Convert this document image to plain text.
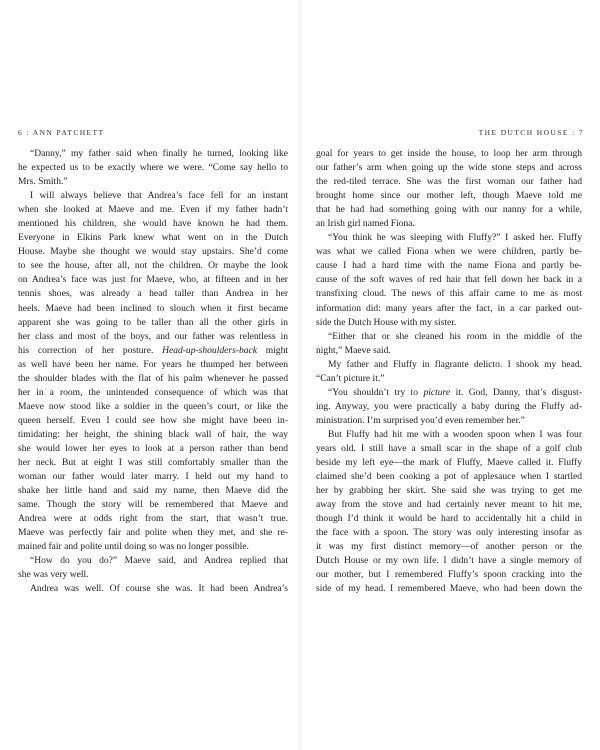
6 : ANN PATCHETT
“Danny,” my father said when finally he turned, looking like
he expected us to be exactly where we were. “Come say hello to
Mrs. Smith.”
I will always believe that Andrea’s face fell for an instant
when she looked at Maeve and me. Even if my father hadn’t
mentioned his children, she would have known he had them.
Everyone in Elkins Park knew what went on in the Dutch
House. Maybe she thought we would stay upstairs. She’d come
to see the house, after all, not the children. Or maybe the look
on Andrea’s face was just for Maeve, who, at fifteen and in her
tennis shoes, was already a head taller than Andrea in her
heels. Maeve had been inclined to slouch when it first became
apparent she was going to be taller than all the other girls in
her class and most of the boys, and our father was relentless in
his correction of her posture. Head-up-shoulders-back might
as well have been her name. For years he thumped her between
the shoulder blades with the flat of his palm whenever he passed
her in a room, the unintended consequence of which was that
Maeve now stood like a soldier in the queen’s court, or like the
queen herself. Even I could see how she might have been in-
timidating: her height, the shining black wall of hair, the way
she would lower her eyes to look at a person rather than bend
her neck. But at eight I was still comfortably smaller than the
woman our father would later marry. I held out my hand to
shake her little hand and said my name, then Maeve did the
same. Though the story will be remembered that Maeve and
Andrea were at odds right from the start, that wasn’t true.
Maeve was perfectly fair and polite when they met, and she re-
mained fair and polite until doing so was no longer possible.
“How do you do?” Maeve said, and Andrea replied that
she was very well.
Andrea was well. Of course she was. It had been Andrea’s
THE DUTCH HOUSE : 7
goal for years to get inside the house, to loop her arm through
our father’s arm when going up the wide stone steps and across
the red-tiled terrace. She was the first woman our father had
brought home since our mother left, though Maeve told me
that he had had something going with our nanny for a while,
an Irish girl named Fiona.
“You think he was sleeping with Fluffy?” I asked her. Fluffy
was what we called Fiona when we were children, partly be-
cause I had a hard time with the name Fiona and partly be-
cause of the soft waves of red hair that fell down her back in a
transfixing cloud. The news of this affair came to me as most
information did: many years after the fact, in a car parked out-
side the Dutch House with my sister.
“Either that or she cleaned his room in the middle of the
night,” Maeve said.
My father and Fluffy in flagrante delicto. I shook my head.
“Can’t picture it.”
“You shouldn’t try to picture it. God, Danny, that’s disgust-
ing. Anyway, you were practically a baby during the Fluffy ad-
ministration. I’m surprised you’d even remember her.”
But Fluffy had hit me with a wooden spoon when I was four
years old. I still have a small scar in the shape of a golf club
beside my left eye—the mark of Fluffy, Maeve called it. Fluffy
claimed she’d been cooking a pot of applesauce when I startled
her by grabbing her skirt. She said she was trying to get me
away from the stove and had certainly never meant to hit me,
though I’d think it would be hard to accidentally hit a child in
the face with a spoon. The story was only interesting insofar as
it was my first distinct memory—of another person or the
Dutch House or my own life. I didn’t have a single memory of
our mother, but I remembered Fluffy’s spoon cracking into the
side of my head. I remembered Maeve, who had been down the
